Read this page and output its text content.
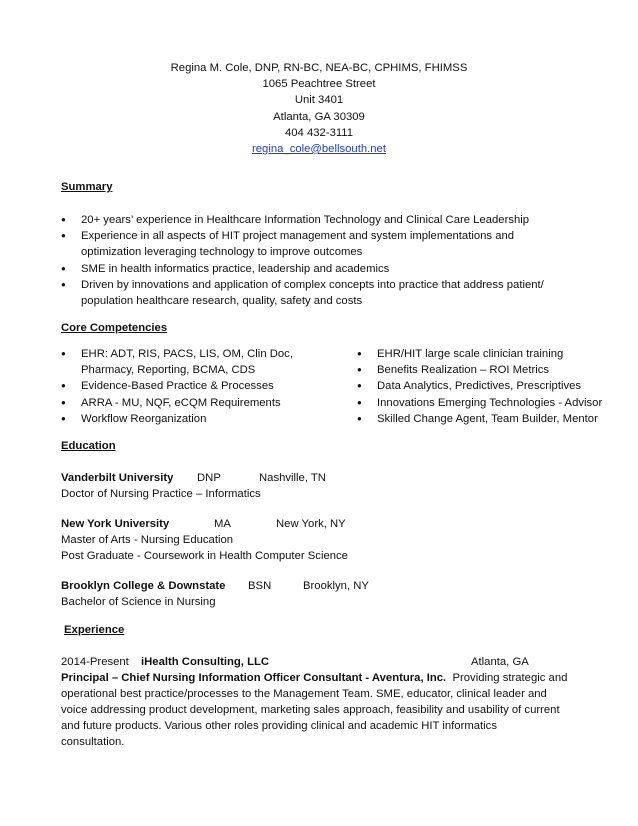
Regina M. Cole, DNP, RN-BC, NEA-BC, CPHIMS, FHIMSS
1065 Peachtree Street
Unit 3401
Atlanta, GA 30309
404 432-3111
regina_cole@bellsouth.net
Summary
● 20+ years’ experience in Healthcare Information Technology and Clinical Care Leadership
● Experience in all aspects of HIT project management and system implementations and
optimization leveraging technology to improve outcomes
● SME in health informatics practice, leadership and academics
● Driven by innovations and application of complex concepts into practice that address patient/
population healthcare research, quality, safety and costs
Core Competencies
● EHR: ADT, RIS, PACS, LIS, OM, Clin Doc,
Pharmacy, Reporting, BCMA, CDS
● Evidence-Based Practice & Processes
● ARRA - MU, NQF, eCQM Requirements
● Workflow Reorganization
● EHR/HIT large scale clinician training
● Benefits Realization – ROI Metrics
● Data Analytics, Predictives, Prescriptives
● Innovations Emerging Technologies - Advisor
● Skilled Change Agent, Team Builder, Mentor
Education
Vanderbilt University DNP	Nashville, TN
Doctor of Nursing Practice – Informatics
New York University	MA	New York, NY
Master of Arts - Nursing Education
Post Graduate - Coursework in Health Computer Science
Brooklyn College & Downstate BSN	Brooklyn, NY
Bachelor of Science in Nursing
Experience
2014-Present iHealth Consulting, LLC	Atlanta, GA
Principal – Chief Nursing Information Officer Consultant - Aventura, Inc. Providing strategic and
operational best practice/processes to the Management Team. SME, educator, clinical leader and
voice addressing product development, marketing sales approach, feasibility and usability of current
and future products. Various other roles providing clinical and academic HIT informatics
consultation.
